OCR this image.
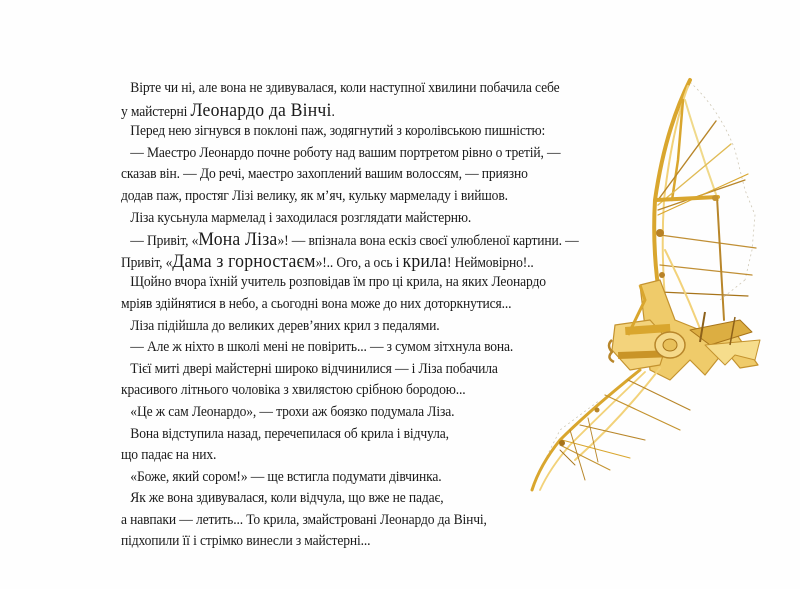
Вірте чи ні, але вона не здивувалася, коли наступної хвилини побачила себе
у майстерні Леонардо да Вінчі.
Перед нею зігнувся в поклоні паж, зодягнутий з королівською пишністю:
— Маестро Леонардо почне роботу над вашим портретом рівно о третій, —
сказав він. — До речі, маестро захоплений вашим волоссям, — приязно
додав паж, простяг Лізі велику, як м’яч, кульку мармеладу і вийшов.
Ліза кусьнула мармелад і заходилася розглядати майстерню.
— Привіт, «Мона Ліза»! — впізнала вона ескіз своєї улюбленої картини. —
Привіт, «Дама з горностаєм»!.. Ого, а ось і крила! Неймовірно!..
Щойно вчора їхній учитель розповідав їм про ці крила, на яких Леонардо
мріяв здійнятися в небо, а сьогодні вона може до них доторкнутися...
Ліза підійшла до великих дерев’яних крил з педалями.
— Але ж ніхто в школі мені не повірить... — з сумом зітхнула вона.
Тієї миті двері майстерні широко відчинилися — і Ліза побачила
красивого літнього чоловіка з хвилястою срібною бородою...
«Це ж сам Леонардо», — трохи аж боязко подумала Ліза.
Вона відступила назад, перечепилася об крила і відчула,
що падає на них.
«Боже, який сором!» — ще встигла подумати дівчинка.
Як же вона здивувалася, коли відчула, що вже не падає,
а навпаки — летить... То крила, змайстровані Леонардо да Вінчі,
підхопили її і стрімко винесли з майстерні...
